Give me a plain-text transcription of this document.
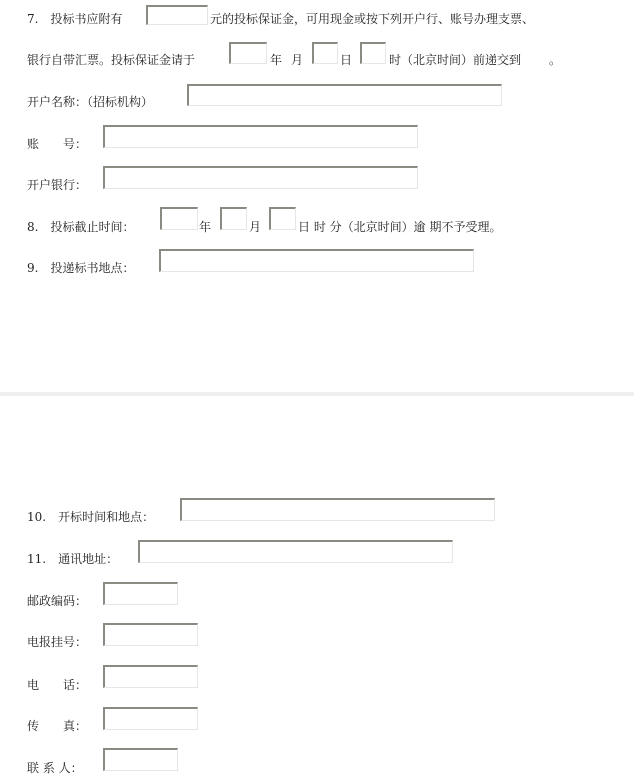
7.　投标书应附有	元的投标保证金，可用现金或按下列开户行、账号办理支票、
银行自带汇票。投标保证金请于	年 月	日	时（北京时间）前递交到 。
开户名称：（招标机构）
账　　号：
开户银行：
8.　投标截止时间：	年	月	日 时 分（北京时间）逾 期不予受理。
9.　投递标书地点：
10.　开标时间和地点：
11.　通讯地址：
邮政编码：
电报挂号：
电　　话：
传　　真：
联 系 人：
